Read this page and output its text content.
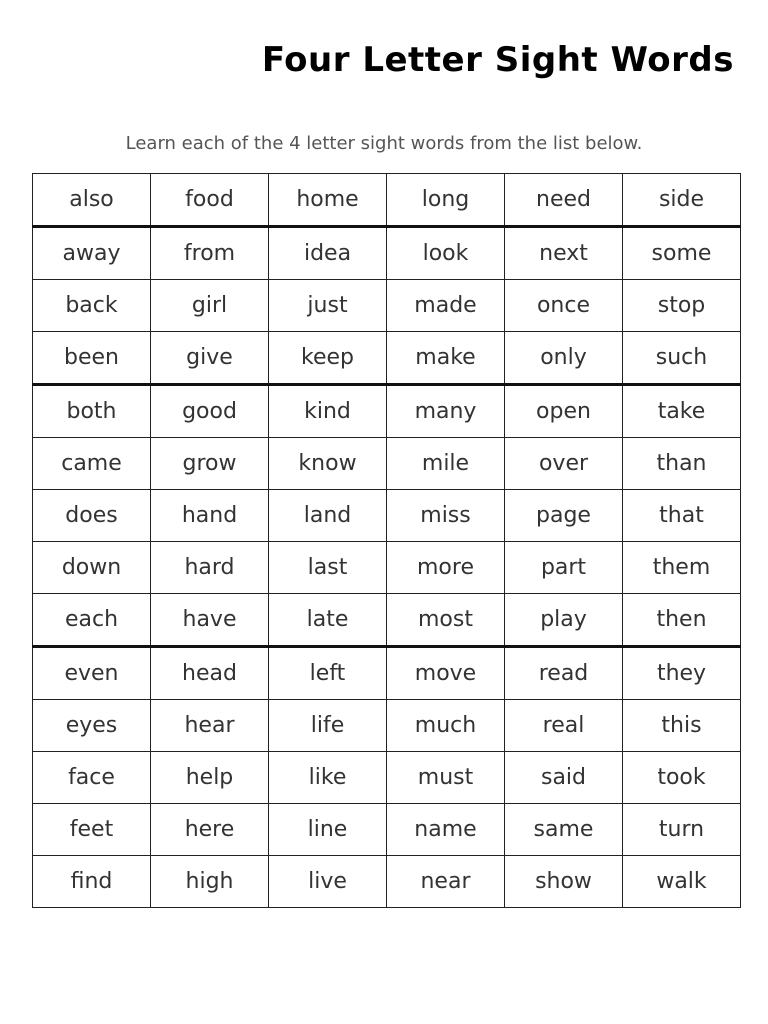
Four Letter Sight Words
Learn each of the 4 letter sight words from the list below.
also	food	home	long	need	side
away	from	idea	look	next	some
back	girl	just	made	once	stop
been	give	keep	make	only	such
both	good	kind	many	open	take
came	grow	know	mile	over	than
does	hand	land	miss	page	that
down	hard	last	more	part	them
each	have	late	most	play	then
even	head	left	move	read	they
eyes	hear	life	much	real	this
face	help	like	must	said	took
feet	here	line	name	same	turn
find	high	live	near	show	walk
